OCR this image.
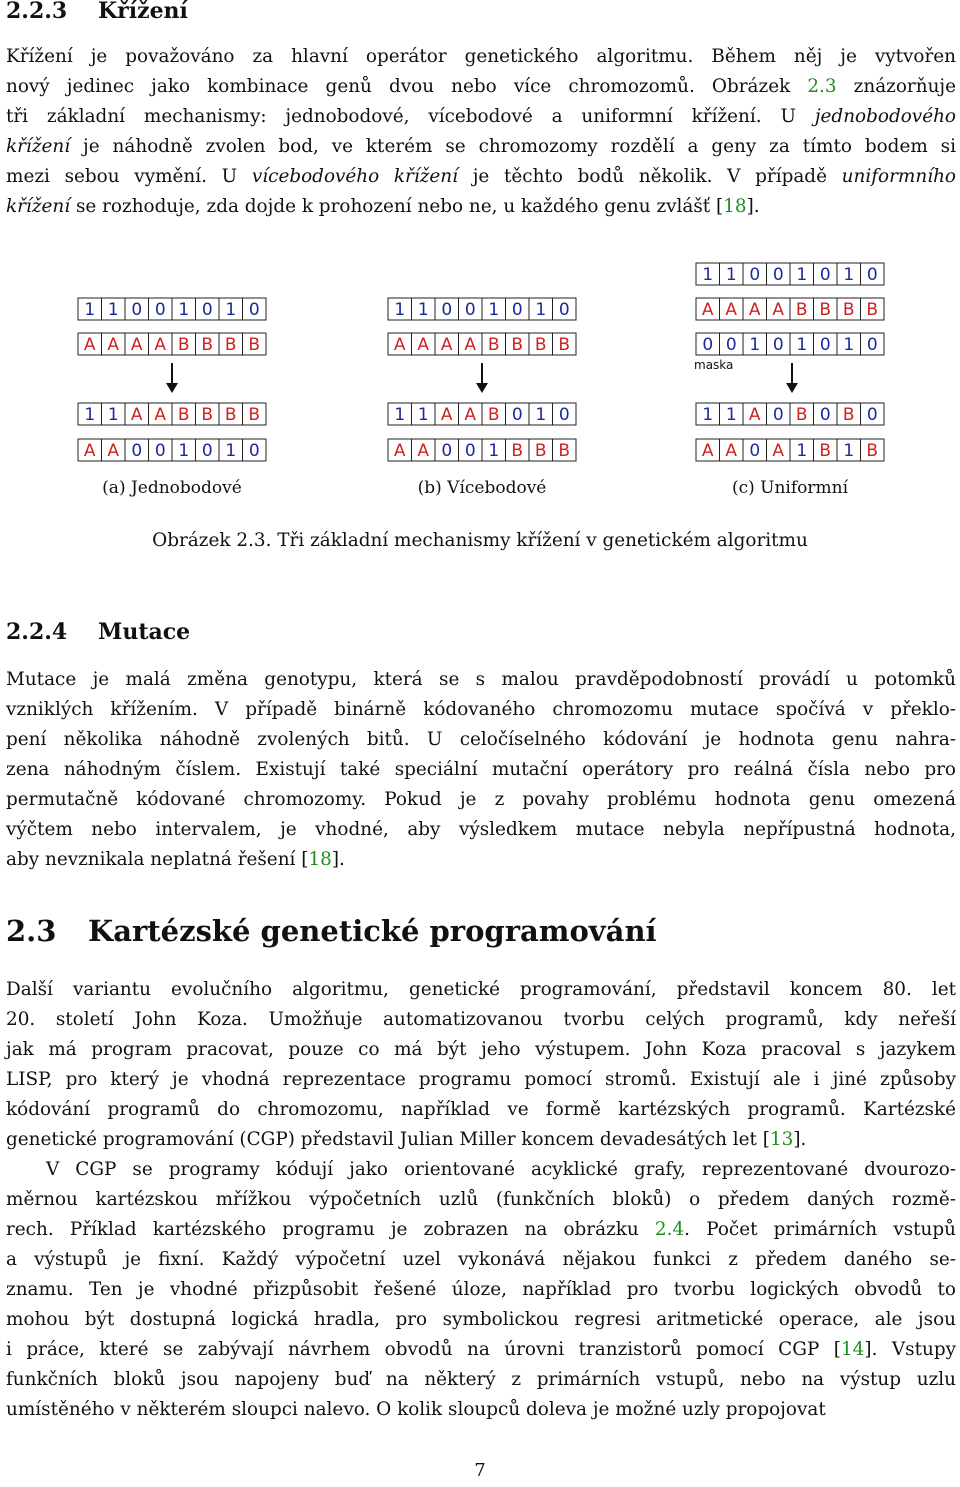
2.2.3 Křížení
Křížení je považováno za hlavní operátor genetického algoritmu. Během něj je vytvořen
nový jedinec jako kombinace genů dvou nebo více chromozomů. Obrázek 2.3 znázorňuje
tři základní mechanismy: jednobodové, vícebodové a uniformní křížení. U jednobodového
křížení je náhodně zvolen bod, ve kterém se chromozomy rozdělí a geny za tímto bodem si
mezi sebou vymění. U vícebodového křížení je těchto bodů několik. V případě uniformního
křížení se rozhoduje, zda dojde k prohození nebo ne, u každého genu zvlášť [18].
1 1 0 0 1 0 1 0
A A A A B B B B
1 1 A A B B B B
A A 0 0 1 0 1 0
(a) Jednobodové
1 1 0 0 1 0 1 0
A A A A B B B B
1 1 A A B 0 1 0
A A 0 0 1 B B B
(b) Vícebodové
1 1 0 0 1 0 1 0
A A A A B B B B
0 0 1 0 1 0 1 0
maska
1 1 A 0 B 0 B 0
A A 0 A 1 B 1 B
(c) Uniformní

Obrázek 2.3. Tři základní mechanismy křížení v genetickém algoritmu

2.2.4 Mutace
Mutace je malá změna genotypu, která se s malou pravděpodobností provádí u potomků
vzniklých křížením. V případě binárně kódovaného chromozomu mutace spočívá v překlo-
pení několika náhodně zvolených bitů. U celočíselného kódování je hodnota genu nahra-
zena náhodným číslem. Existují také speciální mutační operátory pro reálná čísla nebo pro
permutačně kódované chromozomy. Pokud je z povahy problému hodnota genu omezená
výčtem nebo intervalem, je vhodné, aby výsledkem mutace nebyla nepřípustná hodnota,
aby nevznikala neplatná řešení [18].
2.3 Kartézské genetické programování
Další variantu evolučního algoritmu, genetické programování, představil koncem 80. let
20. století John Koza. Umožňuje automatizovanou tvorbu celých programů, kdy neřeší
jak má program pracovat, pouze co má být jeho výstupem. John Koza pracoval s jazykem
LISP, pro který je vhodná reprezentace programu pomocí stromů. Existují ale i jiné způsoby
kódování programů do chromozomu, například ve formě kartézských programů. Kartézské
genetické programování (CGP) představil Julian Miller koncem devadesátých let [13].
V CGP se programy kódují jako orientované acyklické grafy, reprezentované dvourozo-
měrnou kartézskou mřížkou výpočetních uzlů (funkčních bloků) o předem daných rozmě-
rech. Příklad kartézského programu je zobrazen na obrázku 2.4. Počet primárních vstupů
a výstupů je fixní. Každý výpočetní uzel vykonává nějakou funkci z předem daného se-
znamu. Ten je vhodné přizpůsobit řešené úloze, například pro tvorbu logických obvodů to
mohou být dostupná logická hradla, pro symbolickou regresi aritmetické operace, ale jsou
i práce, které se zabývají návrhem obvodů na úrovni tranzistorů pomocí CGP [14]. Vstupy
funkčních bloků jsou napojeny buď na některý z primárních vstupů, nebo na výstup uzlu
umístěného v některém sloupci nalevo. O kolik sloupců doleva je možné uzly propojovat

7
